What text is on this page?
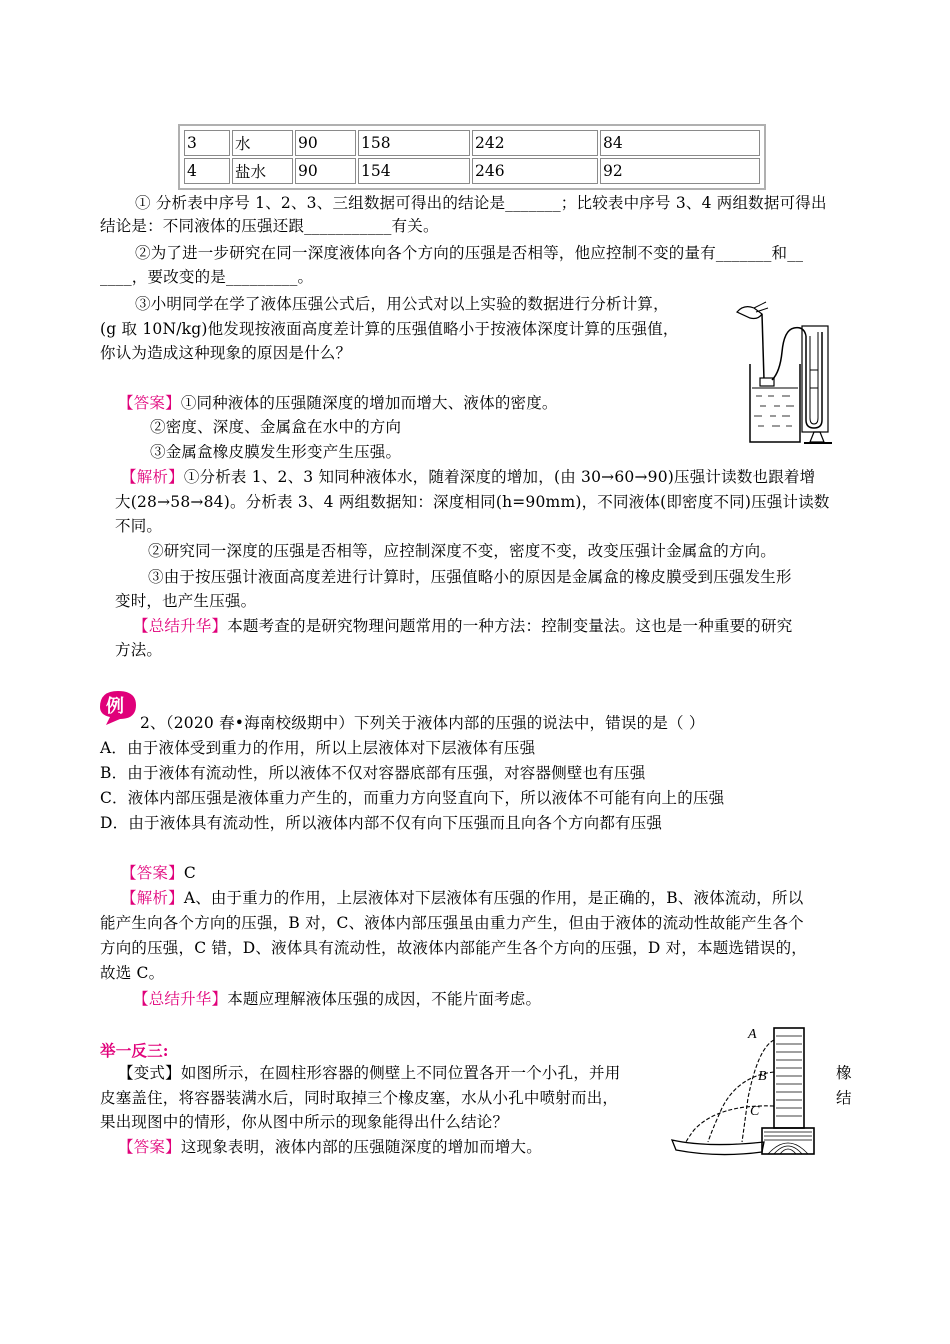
3	水	90	158	242	84
4	盐水	90	154	246	92
① 分析表中序号 1、2、3、三组数据可得出的结论是_______；比较表中序号 3、4 两组数据可得出
结论是：不同液体的压强还跟___________有关。
②为了进一步研究在同一深度液体向各个方向的压强是否相等，他应控制不变的量有_______和__
____，要改变的是_________。
③小明同学在学了液体压强公式后，用公式对以上实验的数据进行分析计算，
(g 取 10N/kg)他发现按液面高度差计算的压强值略小于按液体深度计算的压强值，
你认为造成这种现象的原因是什么？
【答案】①同种液体的压强随深度的增加而增大、液体的密度。
②密度、深度、金属盒在水中的方向
③金属盒橡皮膜发生形变产生压强。
【解析】①分析表 1、2、3 知同种液体水，随着深度的增加，(由 30→60→90)压强计读数也跟着增
大(28→58→84)。分析表 3、4 两组数据知：深度相同(h=90mm)，不同液体(即密度不同)压强计读数
不同。
②研究同一深度的压强是否相等，应控制深度不变，密度不变，改变压强计金属盒的方向。
③由于按压强计液面高度差进行计算时，压强值略小的原因是金属盒的橡皮膜受到压强发生形
变时，也产生压强。
【总结升华】本题考查的是研究物理问题常用的一种方法：控制变量法。这也是一种重要的研究
方法。
例
2、（2020 春•海南校级期中）下列关于液体内部的压强的说法中，错误的是（ ）
A．由于液体受到重力的作用，所以上层液体对下层液体有压强
B．由于液体有流动性，所以液体不仅对容器底部有压强，对容器侧壁也有压强
C．液体内部压强是液体重力产生的，而重力方向竖直向下，所以液体不可能有向上的压强
D．由于液体具有流动性，所以液体内部不仅有向下压强而且向各个方向都有压强
【答案】C
【解析】A、由于重力的作用，上层液体对下层液体有压强的作用，是正确的，B、液体流动，所以
能产生向各个方向的压强，B 对，C、液体内部压强虽由重力产生，但由于液体的流动性故能产生各个
方向的压强，C 错，D、液体具有流动性，故液体内部能产生各个方向的压强，D 对，本题选错误的，
故选 C。
【总结升华】本题应理解液体压强的成因，不能片面考虑。
举一反三:
【变式】如图所示，在圆柱形容器的侧壁上不同位置各开一个小孔，并用	橡
皮塞盖住，将容器装满水后，同时取掉三个橡皮塞，水从小孔中喷射而出，	结
果出现图中的情形，你从图中所示的现象能得出什么结论？
【答案】这现象表明，液体内部的压强随深度的增加而增大。
A
B
C
